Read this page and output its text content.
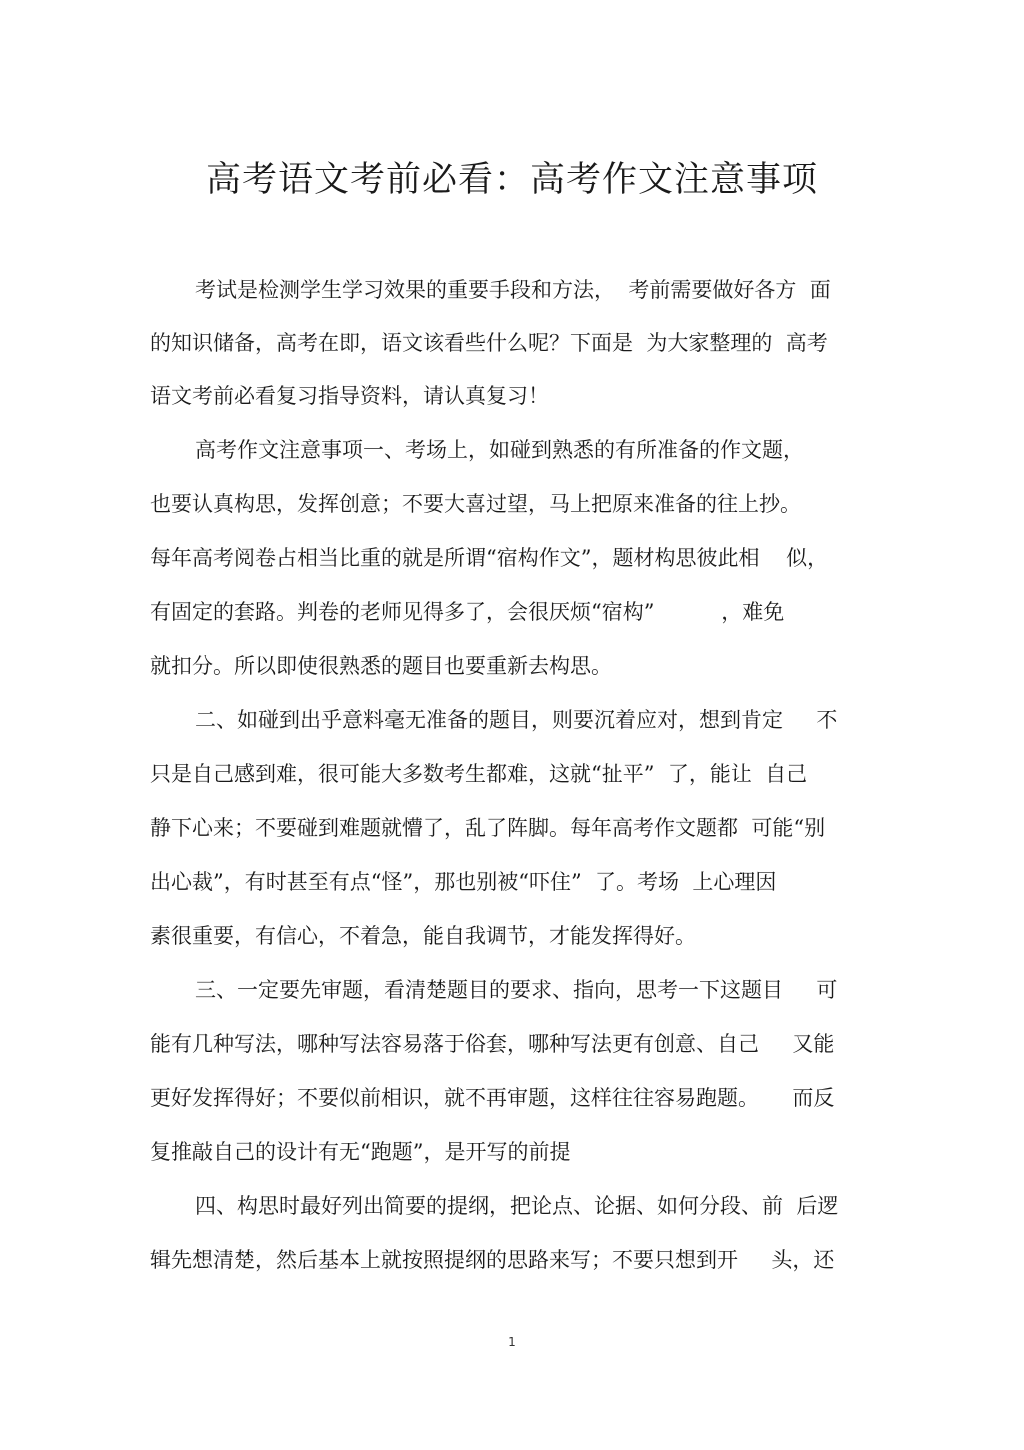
高考语文考前必看：高考作文注意事项
考试是检测学生学习效果的重要手段和方法，  考前需要做好各方  面
的知识储备，高考在即，语文该看些什么呢？下面是  为大家整理的  高考
语文考前必看复习指导资料，请认真复习！
高考作文注意事项一、考场上，如碰到熟悉的有所准备的作文题，
也要认真构思，发挥创意；不要大喜过望，马上把原来准备的往上抄。
每年高考阅卷占相当比重的就是所谓“宿构作文”，题材构思彼此相    似，
有固定的套路。判卷的老师见得多了，会很厌烦“宿构”          ，难免
就扣分。所以即使很熟悉的题目也要重新去构思。
二、如碰到出乎意料毫无准备的题目，则要沉着应对，想到肯定     不
只是自己感到难，很可能大多数考生都难，这就“扯平”  了，能让  自己
静下心来；不要碰到难题就懵了，乱了阵脚。每年高考作文题都  可能“别
出心裁”，有时甚至有点“怪”，那也别被“吓住”  了。考场  上心理因
素很重要，有信心，不着急，能自我调节，才能发挥得好。
三、一定要先审题，看清楚题目的要求、指向，思考一下这题目     可
能有几种写法，哪种写法容易落于俗套，哪种写法更有创意、自己     又能
更好发挥得好；不要似前相识，就不再审题，这样往往容易跑题。     而反
复推敲自己的设计有无“跑题”，是开写的前提
四、构思时最好列出简要的提纲，把论点、论据、如何分段、前  后逻
辑先想清楚，然后基本上就按照提纲的思路来写；不要只想到开     头，还
1
